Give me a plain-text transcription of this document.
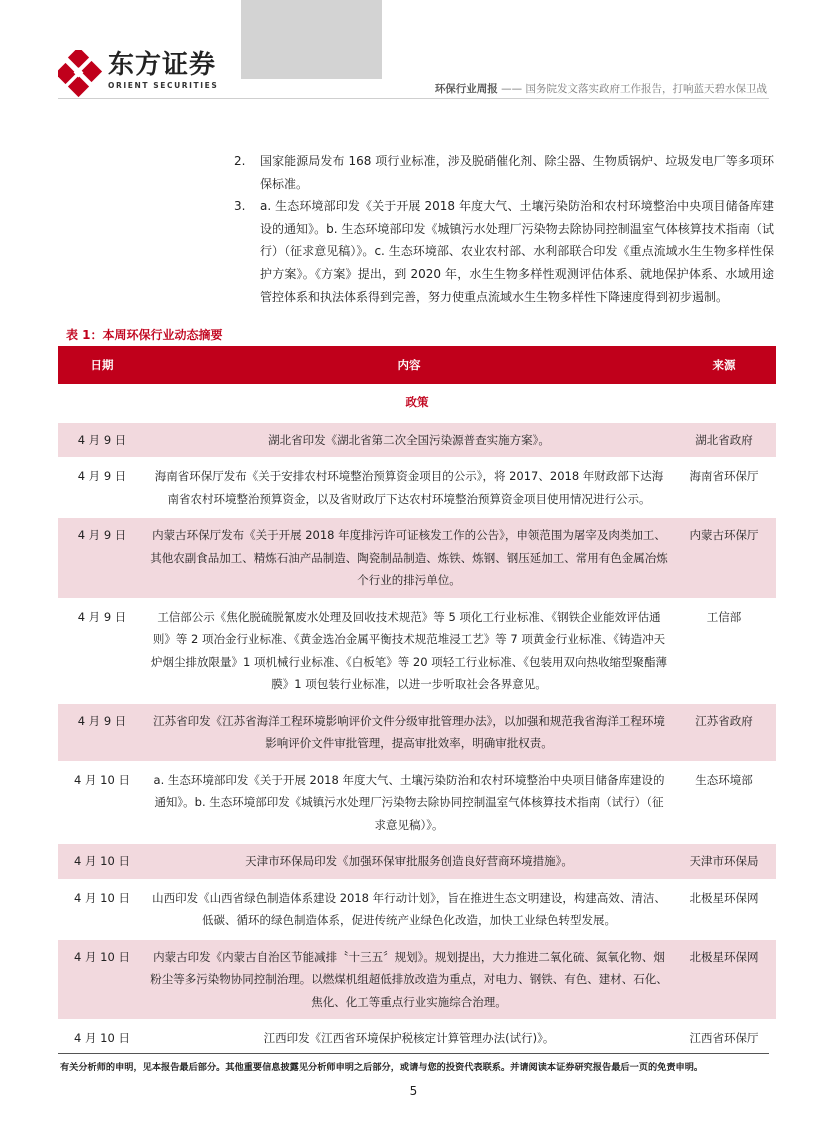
东方证券
ORIENT SECURITIES	环保行业周报 —— 国务院发文落实政府工作报告，打响蓝天碧水保卫战
2.	国家能源局发布 168 项行业标准，涉及脱硝催化剂、除尘器、生物质锅炉、垃圾发电厂等多项环保标准。
3.	a. 生态环境部印发《关于开展 2018 年度大气、土壤污染防治和农村环境整治中央项目储备库建设的通知》。b. 生态环境部印发《城镇污水处理厂污染物去除协同控制温室气体核算技术指南（试行）（征求意见稿）》。c. 生态环境部、农业农村部、水利部联合印发《重点流域水生生物多样性保护方案》。《方案》提出，到 2020 年，水生生物多样性观测评估体系、就地保护体系、水域用途管控体系和执法体系得到完善，努力使重点流域水生生物多样性下降速度得到初步遏制。
表 1：本周环保行业动态摘要
日期	内容	来源
政策		
4 月 9 日	湖北省印发《湖北省第二次全国污染源普查实施方案》。	湖北省政府
4 月 9 日	海南省环保厅发布《关于安排农村环境整治预算资金项目的公示》，将 2017、2018 年财政部下达海南省农村环境整治预算资金，以及省财政厅下达农村环境整治预算资金项目使用情况进行公示。	海南省环保厅
4 月 9 日	内蒙古环保厅发布《关于开展 2018 年度排污许可证核发工作的公告》，申领范围为屠宰及肉类加工、其他农副食品加工、精炼石油产品制造、陶瓷制品制造、炼铁、炼钢、钢压延加工、常用有色金属冶炼个行业的排污单位。	内蒙古环保厅
4 月 9 日	工信部公示《焦化脱硫脱氰废水处理及回收技术规范》等 5 项化工行业标准、《钢铁企业能效评估通则》等 2 项冶金行业标准、《黄金选冶金属平衡技术规范堆浸工艺》等 7 项黄金行业标准、《铸造冲天炉烟尘排放限量》1 项机械行业标准、《白板笔》等 20 项轻工行业标准、《包装用双向热收缩型聚酯薄膜》1 项包装行业标准，以进一步听取社会各界意见。	工信部
4 月 9 日	江苏省印发《江苏省海洋工程环境影响评价文件分级审批管理办法》，以加强和规范我省海洋工程环境影响评价文件审批管理，提高审批效率，明确审批权责。	江苏省政府
4 月 10 日	a. 生态环境部印发《关于开展 2018 年度大气、土壤污染防治和农村环境整治中央项目储备库建设的通知》。b. 生态环境部印发《城镇污水处理厂污染物去除协同控制温室气体核算技术指南（试行）（征求意见稿）》。	生态环境部
4 月 10 日	天津市环保局印发《加强环保审批服务创造良好营商环境措施》。	天津市环保局
4 月 10 日	山西印发《山西省绿色制造体系建设 2018 年行动计划》，旨在推进生态文明建设，构建高效、清洁、低碳、循环的绿色制造体系，促进传统产业绿色化改造，加快工业绿色转型发展。	北极星环保网
4 月 10 日	内蒙古印发《内蒙古自治区节能减排〝十三五〞规划》。规划提出，大力推进二氧化硫、氮氧化物、烟粉尘等多污染物协同控制治理。以燃煤机组超低排放改造为重点，对电力、钢铁、有色、建材、石化、焦化、化工等重点行业实施综合治理。	北极星环保网
4 月 10 日	江西印发《江西省环境保护税核定计算管理办法(试行)》。	江西省环保厅
有关分析师的申明，见本报告最后部分。其他重要信息披露见分析师申明之后部分，或请与您的投资代表联系。并请阅读本证券研究报告最后一页的免责申明。
5
